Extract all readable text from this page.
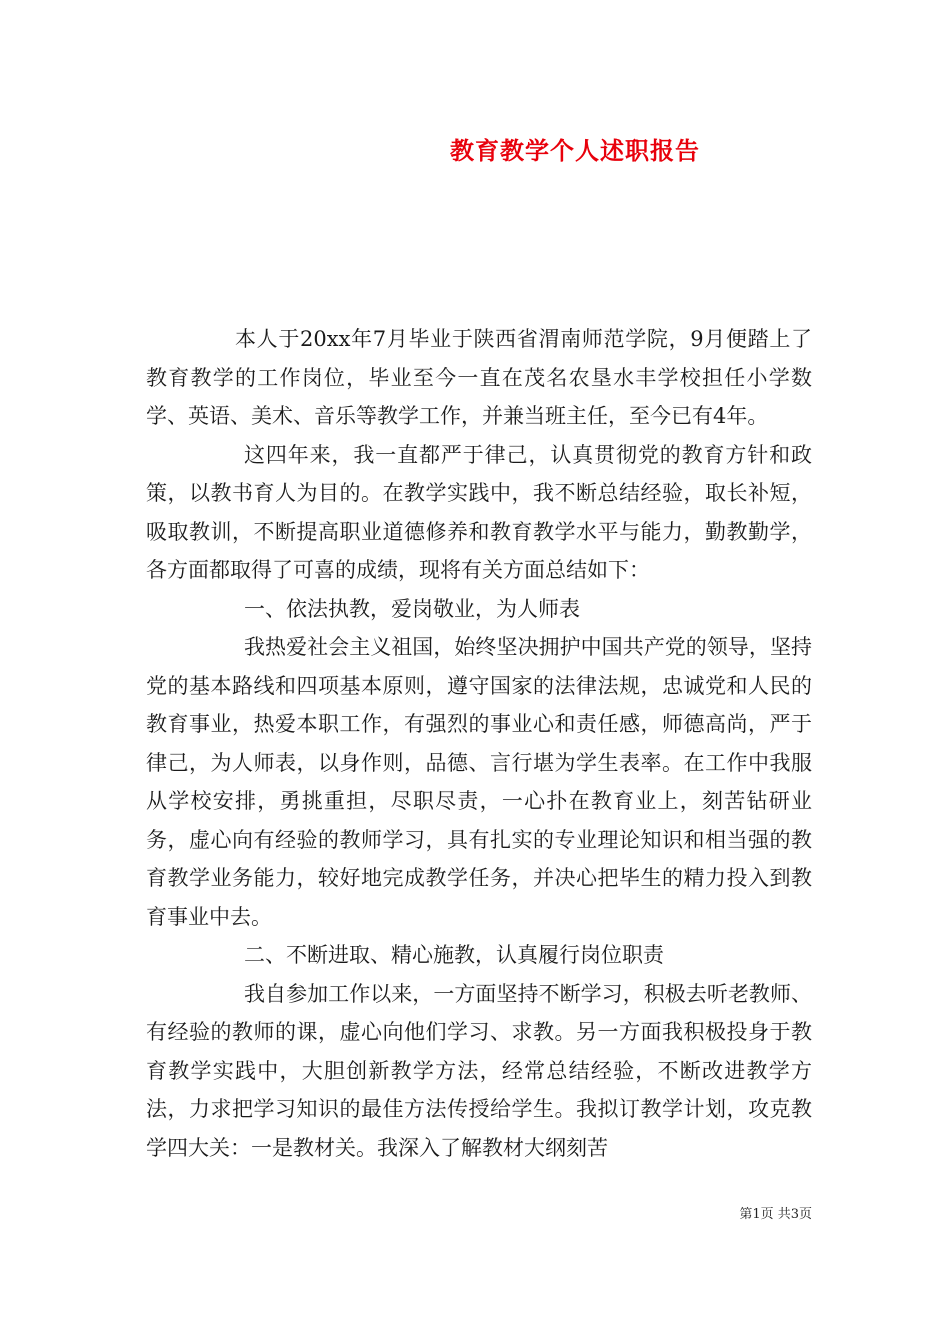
教育教学个人述职报告

本人于20xx年7月毕业于陕西省渭南师范学院，9月便踏上了教育教学的工作岗位，毕业至今一直在茂名农垦水丰学校担任小学数学、英语、美术、音乐等教学工作，并兼当班主任，至今已有4年。

这四年来，我一直都严于律己，认真贯彻党的教育方针和政策，以教书育人为目的。在教学实践中，我不断总结经验，取长补短，吸取教训，不断提高职业道德修养和教育教学水平与能力，勤教勤学，各方面都取得了可喜的成绩，现将有关方面总结如下：

一、依法执教，爱岗敬业，为人师表

我热爱社会主义祖国，始终坚决拥护中国共产党的领导，坚持党的基本路线和四项基本原则，遵守国家的法律法规，忠诚党和人民的教育事业，热爱本职工作，有强烈的事业心和责任感，师德高尚，严于律己，为人师表，以身作则，品德、言行堪为学生表率。在工作中我服从学校安排，勇挑重担，尽职尽责，一心扑在教育业上，刻苦钻研业务，虚心向有经验的教师学习，具有扎实的专业理论知识和相当强的教育教学业务能力，较好地完成教学任务，并决心把毕生的精力投入到教育事业中去。

二、不断进取、精心施教，认真履行岗位职责

我自参加工作以来，一方面坚持不断学习，积极去听老教师、有经验的教师的课，虚心向他们学习、求教。另一方面我积极投身于教育教学实践中，大胆创新教学方法，经常总结经验，不断改进教学方法，力求把学习知识的最佳方法传授给学生。我拟订教学计划，攻克教学四大关：一是教材关。我深入了解教材大纲刻苦

第1页 共3页
